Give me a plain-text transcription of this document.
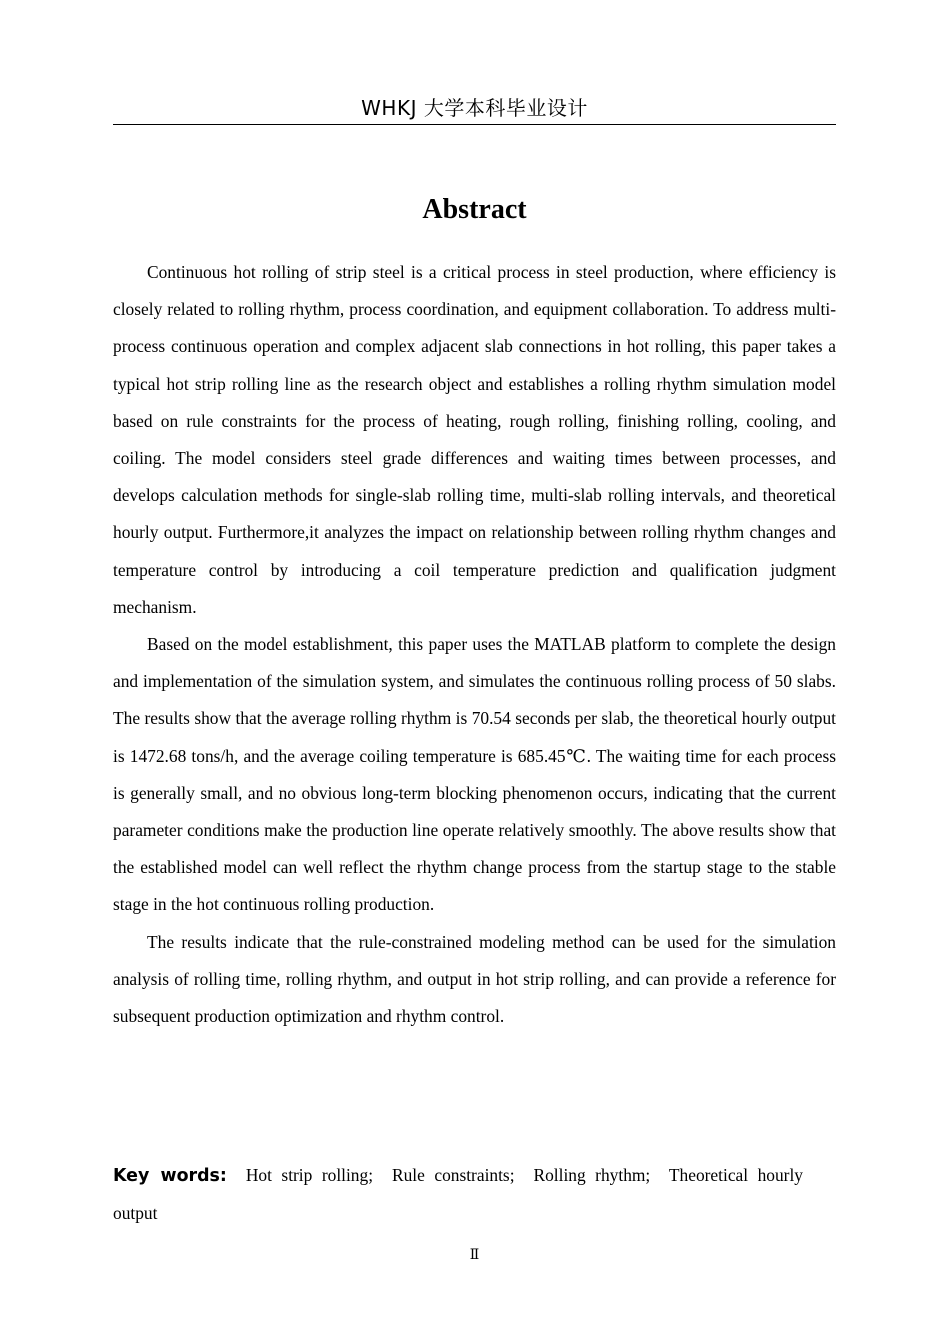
WHKJ 大学本科毕业设计
Abstract

Continuous hot rolling of strip steel is a critical process in steel production, where efficiency is closely related to rolling rhythm, process coordination, and equipment collaboration. To address multi-process continuous operation and complex adjacent slab connections in hot rolling, this paper takes a typical hot strip rolling line as the research object and establishes a rolling rhythm simulation model based on rule constraints for the process of heating, rough rolling, finishing rolling, cooling, and coiling. The model considers steel grade differences and waiting times between processes, and develops calculation methods for single-slab rolling time, multi-slab rolling intervals, and theoretical hourly output. Furthermore,it analyzes the impact on relationship between rolling rhythm changes and temperature control by introducing a coil temperature prediction and qualification judgment mechanism.

Based on the model establishment, this paper uses the MATLAB platform to complete the design and implementation of the simulation system, and simulates the continuous rolling process of 50 slabs. The results show that the average rolling rhythm is 70.54 seconds per slab, the theoretical hourly output is 1472.68 tons/h, and the average coiling temperature is 685.45℃. The waiting time for each process is generally small, and no obvious long-term blocking phenomenon occurs, indicating that the current parameter conditions make the production line operate relatively smoothly. The above results show that the established model can well reflect the rhythm change process from the startup stage to the stable stage in the hot continuous rolling production.

The results indicate that the rule-constrained modeling method can be used for the simulation analysis of rolling time, rolling rhythm, and output in hot strip rolling, and can provide a reference for subsequent production optimization and rhythm control.

Key words: Hot strip rolling;  Rule constraints;  Rolling rhythm;  Theoretical hourly  output
Ⅱ
